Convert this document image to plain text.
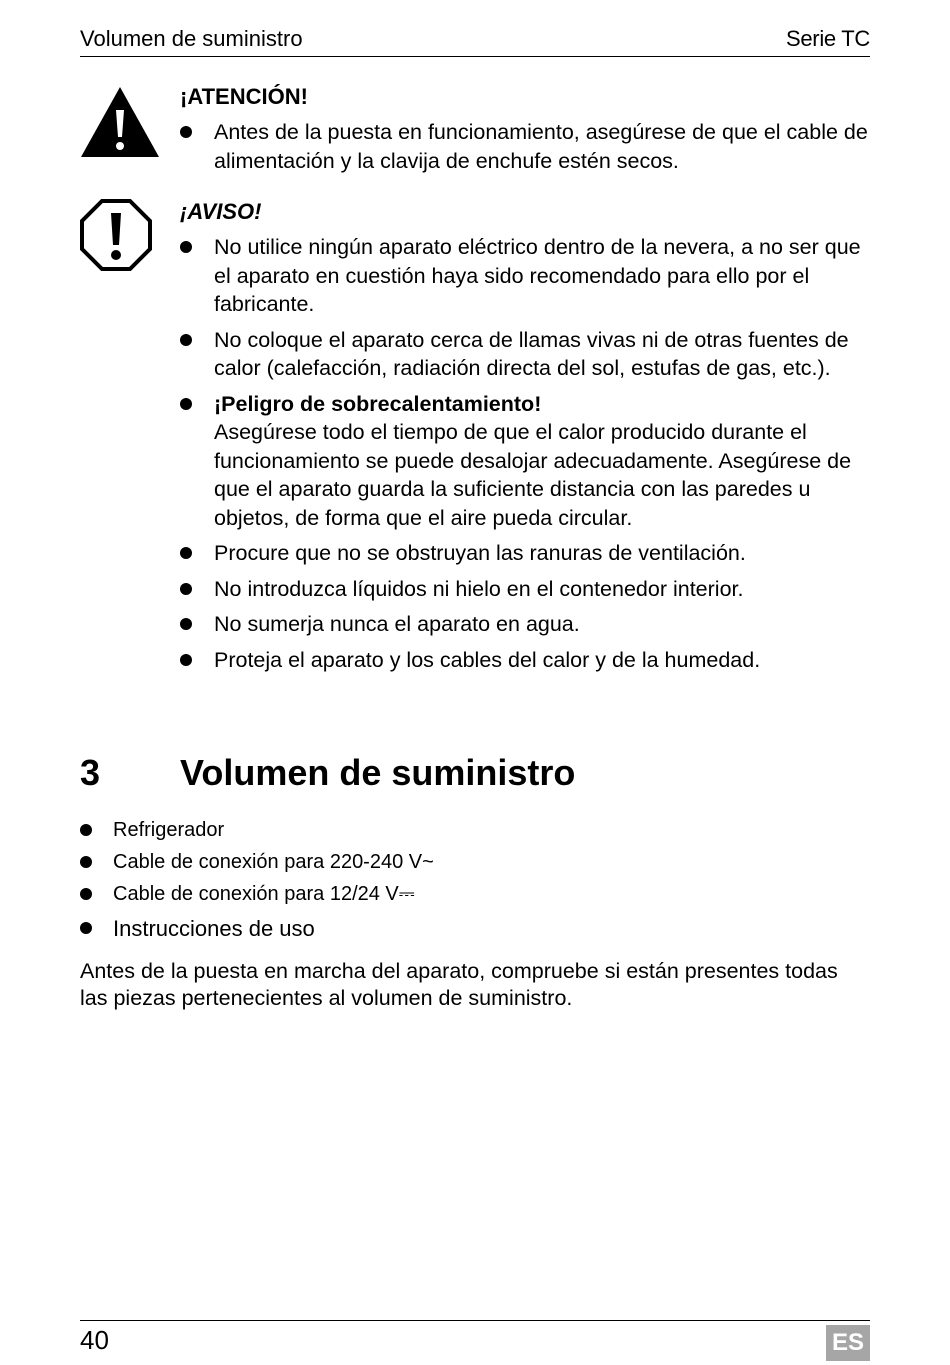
Volumen de suministro	Serie TC
¡ATENCIÓN!
Antes de la puesta en funcionamiento, asegúrese de que el cable de alimentación y la clavija de enchufe estén secos.
¡AVISO!
No utilice ningún aparato eléctrico dentro de la nevera, a no ser que el aparato en cuestión haya sido recomendado para ello por el fabricante.
No coloque el aparato cerca de llamas vivas ni de otras fuentes de calor (calefacción, radiación directa del sol, estufas de gas, etc.).
¡Peligro de sobrecalentamiento!
Asegúrese todo el tiempo de que el calor producido durante el funcionamiento se puede desalojar adecuadamente. Asegúrese de que el aparato guarda la suficiente distancia con las paredes u objetos, de forma que el aire pueda circular.
Procure que no se obstruyan las ranuras de ventilación.
No introduzca líquidos ni hielo en el contenedor interior.
No sumerja nunca el aparato en agua.
Proteja el aparato y los cables del calor y de la humedad.
3 Volumen de suministro
Refrigerador
Cable de conexión para 220-240 V~
Cable de conexión para 12/24 V⎓
Instrucciones de uso
Antes de la puesta en marcha del aparato, compruebe si están presentes todas las piezas pertenecientes al volumen de suministro.
40	ES
